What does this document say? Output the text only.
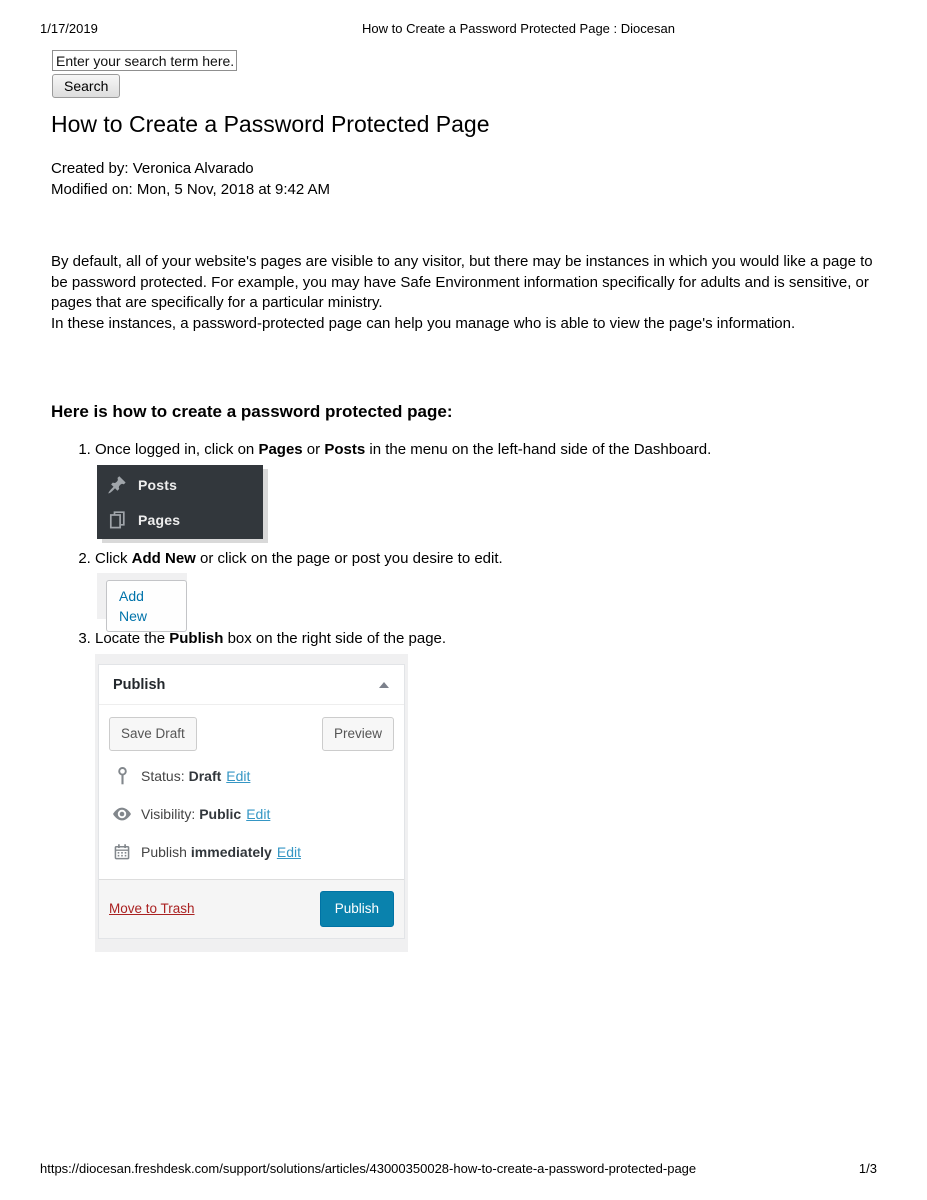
1/17/2019	How to Create a Password Protected Page : Diocesan
Enter your search term here. Search
How to Create a Password Protected Page
Created by: Veronica Alvarado
Modified on: Mon, 5 Nov, 2018 at 9:42 AM

By default, all of your website's pages are visible to any visitor, but there may be instances in which you would like a page to be password protected. For example, you may have Safe Environment information specifically for adults and is sensitive, or pages that are specifically for a particular ministry.

In these instances, a password-protected page can help you manage who is able to view the page's information.

Here is how to create a password protected page:
1. Once logged in, click on Pages or Posts in the menu on the left-hand side of the Dashboard.
Posts
Pages
2. Click Add New or click on the page or post you desire to edit.
Add New
3. Locate the Publish box on the right side of the page.
Publish
Save Draft	Preview
Status: Draft Edit
Visibility: Public Edit
Publish immediately Edit
Move to Trash	Publish
https://diocesan.freshdesk.com/support/solutions/articles/43000350028-how-to-create-a-password-protected-page	1/3
